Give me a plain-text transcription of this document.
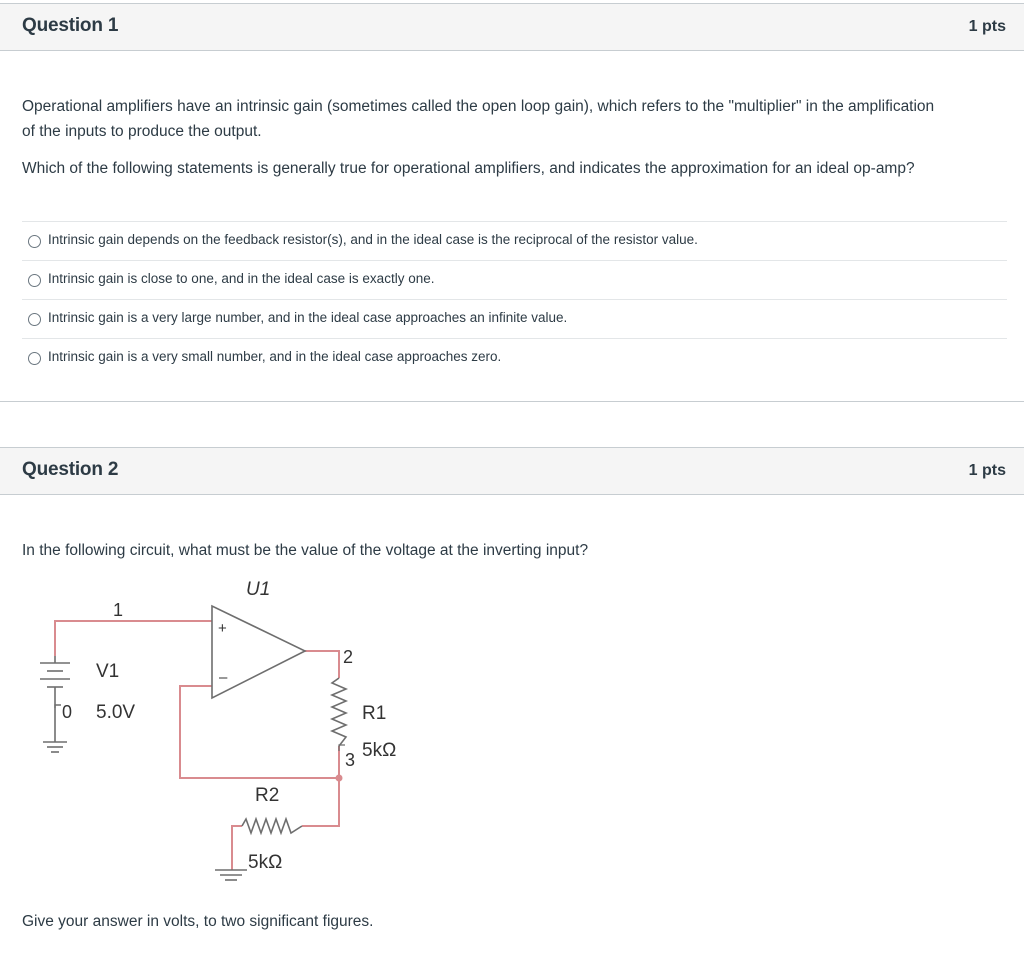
Question 1	1 pts
Operational amplifiers have an intrinsic gain (sometimes called the open loop gain), which refers to the "multiplier" in the amplification
of the inputs to produce the output.
Which of the following statements is generally true for operational amplifiers, and indicates the approximation for an ideal op-amp?
Intrinsic gain depends on the feedback resistor(s), and in the ideal case is the reciprocal of the resistor value.
Intrinsic gain is close to one, and in the ideal case is exactly one.
Intrinsic gain is a very large number, and in the ideal case approaches an infinite value.
Intrinsic gain is a very small number, and in the ideal case approaches zero.
Question 2	1 pts
In the following circuit, what must be the value of the voltage at the inverting input?
+
–
U1
1
2
3
0
V1
5.0V	R1
5kΩ
R2
5kΩ
Give your answer in volts, to two significant figures.
